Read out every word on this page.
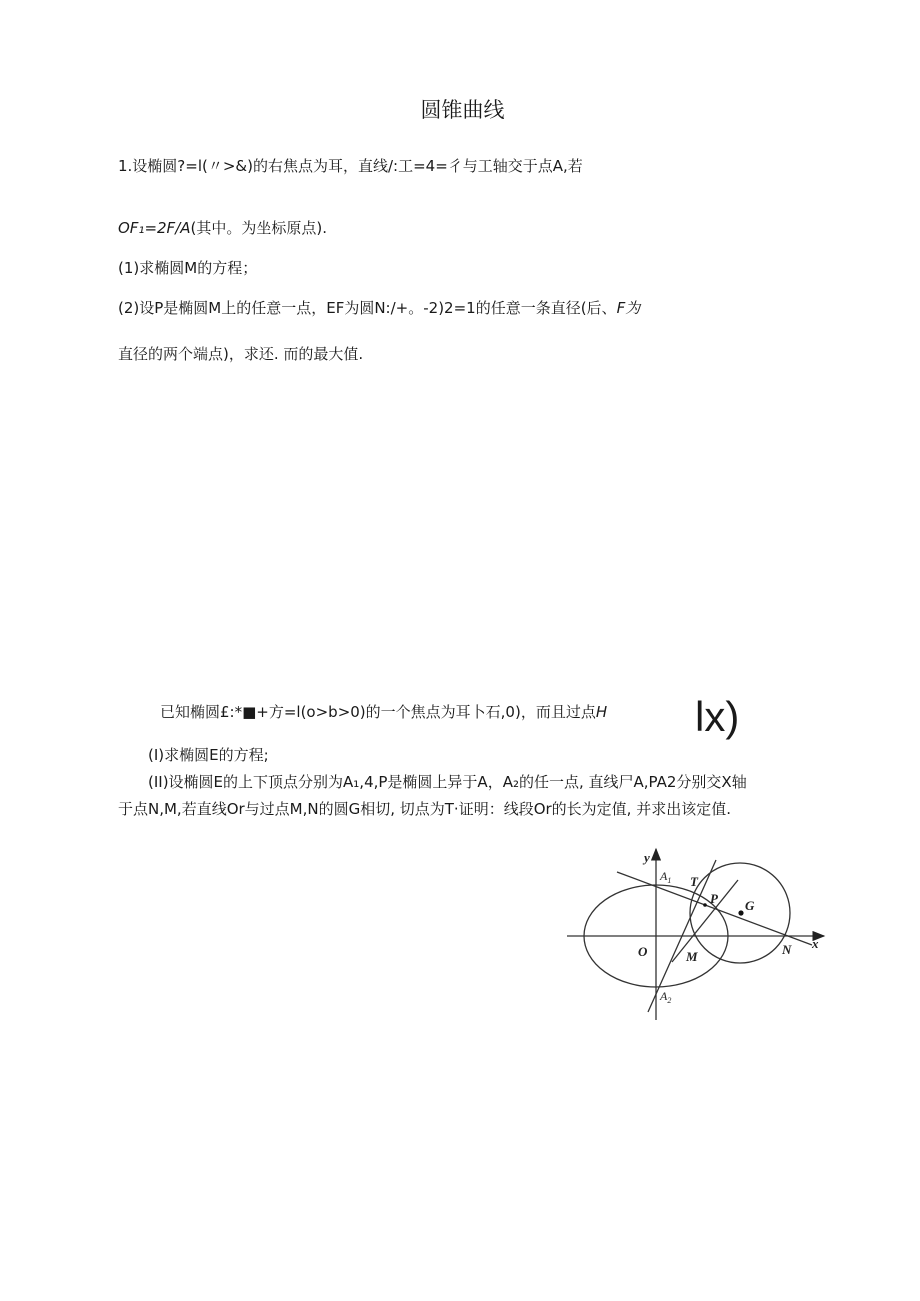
圆锥曲线
1.设椭圆?=l(〃>&)的右焦点为耳，直线/:工=4=彳与工轴交于点A,若
OF₁=2F/A(其中。为坐标原点).
(1)求椭圆M的方程；
(2)设P是椭圆M上的任意一点，EF为圆N:/+。-2)2=1的任意一条直径(后、F为
直径的两个端点)，求还. 而的最大值.
已知椭圆£:*■+方=l(o>b>0)的一个焦点为耳卜石,0)，而且过点H lx)
(I)求椭圆E的方程;
(II)设椭圆E的上下顶点分别为A₁,4,P是椭圆上异于A，A₂的任一点, 直线尸A,PA2分别交X轴
于点N,M,若直线Or与过点M,N的圆G相切, 切点为T·证明：线段Or的长为定值, 并求出该定值.
y
x
O
T
P G
M	N
$A_1$
$A_2$
